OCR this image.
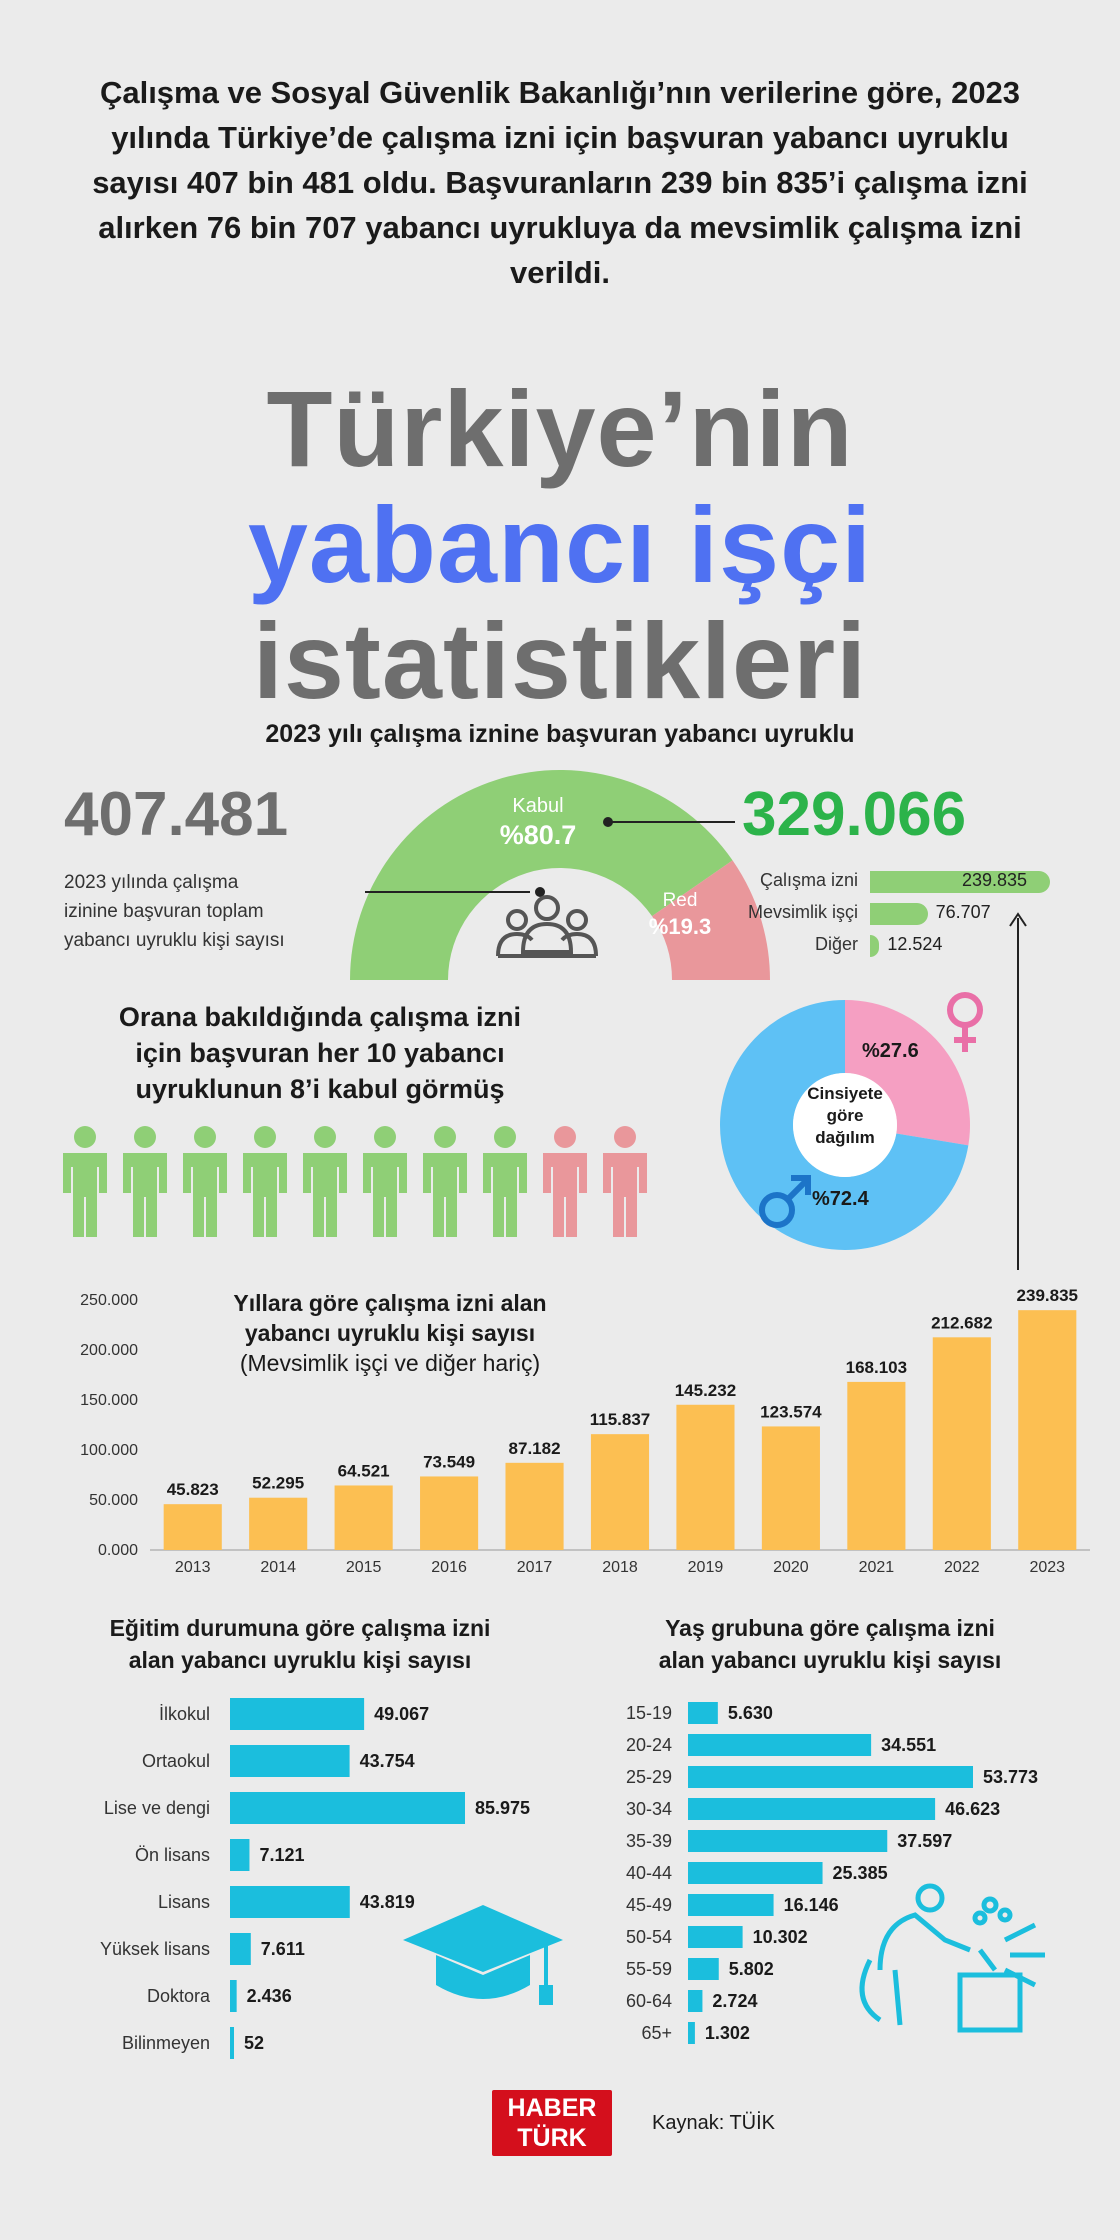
Çalışma ve Sosyal Güvenlik Bakanlığı’nın verilerine göre, 2023 yılında Türkiye’de çalışma izni için başvuran yabancı uyruklu sayısı 407 bin 481 oldu. Başvuranların 239 bin 835’i çalışma izni alırken 76 bin 707 yabancı uyrukluya da mevsimlik çalışma izni verildi.
Türkiye’nin
yabancı işçi
istatistikleri
2023 yılı çalışma iznine başvuran yabancı uyruklu
407.481
2023 yılında çalışma
izinine başvuran toplam
yabancı uyruklu kişi sayısı
Kabul
%80.7
Red
%19.3
329.066
Çalışma izni	239.835
Mevsimlik işçi	76.707
Diğer 12.524
Orana bakıldığında çalışma izni
için başvuran her 10 yabancı
uyruklunun 8’i kabul görmüş	Cinsiyete
göre
dağılım
%27.6
%72.4
0.000
50.000
100.000
150.000
200.000
250.000
45.823
2013
52.295
2014
64.521
2015
73.549
2016
87.182
2017
115.837
2018
145.232
2019
123.574
2020
168.103
2021
212.682
2022
239.835
2023
Yıllara göre çalışma izni alan
yabancı uyruklu kişi sayısı
(Mevsimlik işçi ve diğer hariç)
Eğitim durumuna göre çalışma izni
alan yabancı uyruklu kişi sayısı
İlkokul	49.067
Ortaokul	43.754
Lise ve dengi	85.975
Ön lisans	7.121
Lisans	43.819
Yüksek lisans	7.611
Doktora 2.436
Bilinmeyen 52
Yaş grubuna göre çalışma izni
alan yabancı uyruklu kişi sayısı
15-19	5.630
20-24	34.551
25-29	53.773
30-34	46.623
35-39	37.597
40-44	25.385
45-49	16.146
50-54	10.302
55-59	5.802
60-64 2.724
65+ 1.302
HABER
TÜRK
Kaynak: TÜİK
